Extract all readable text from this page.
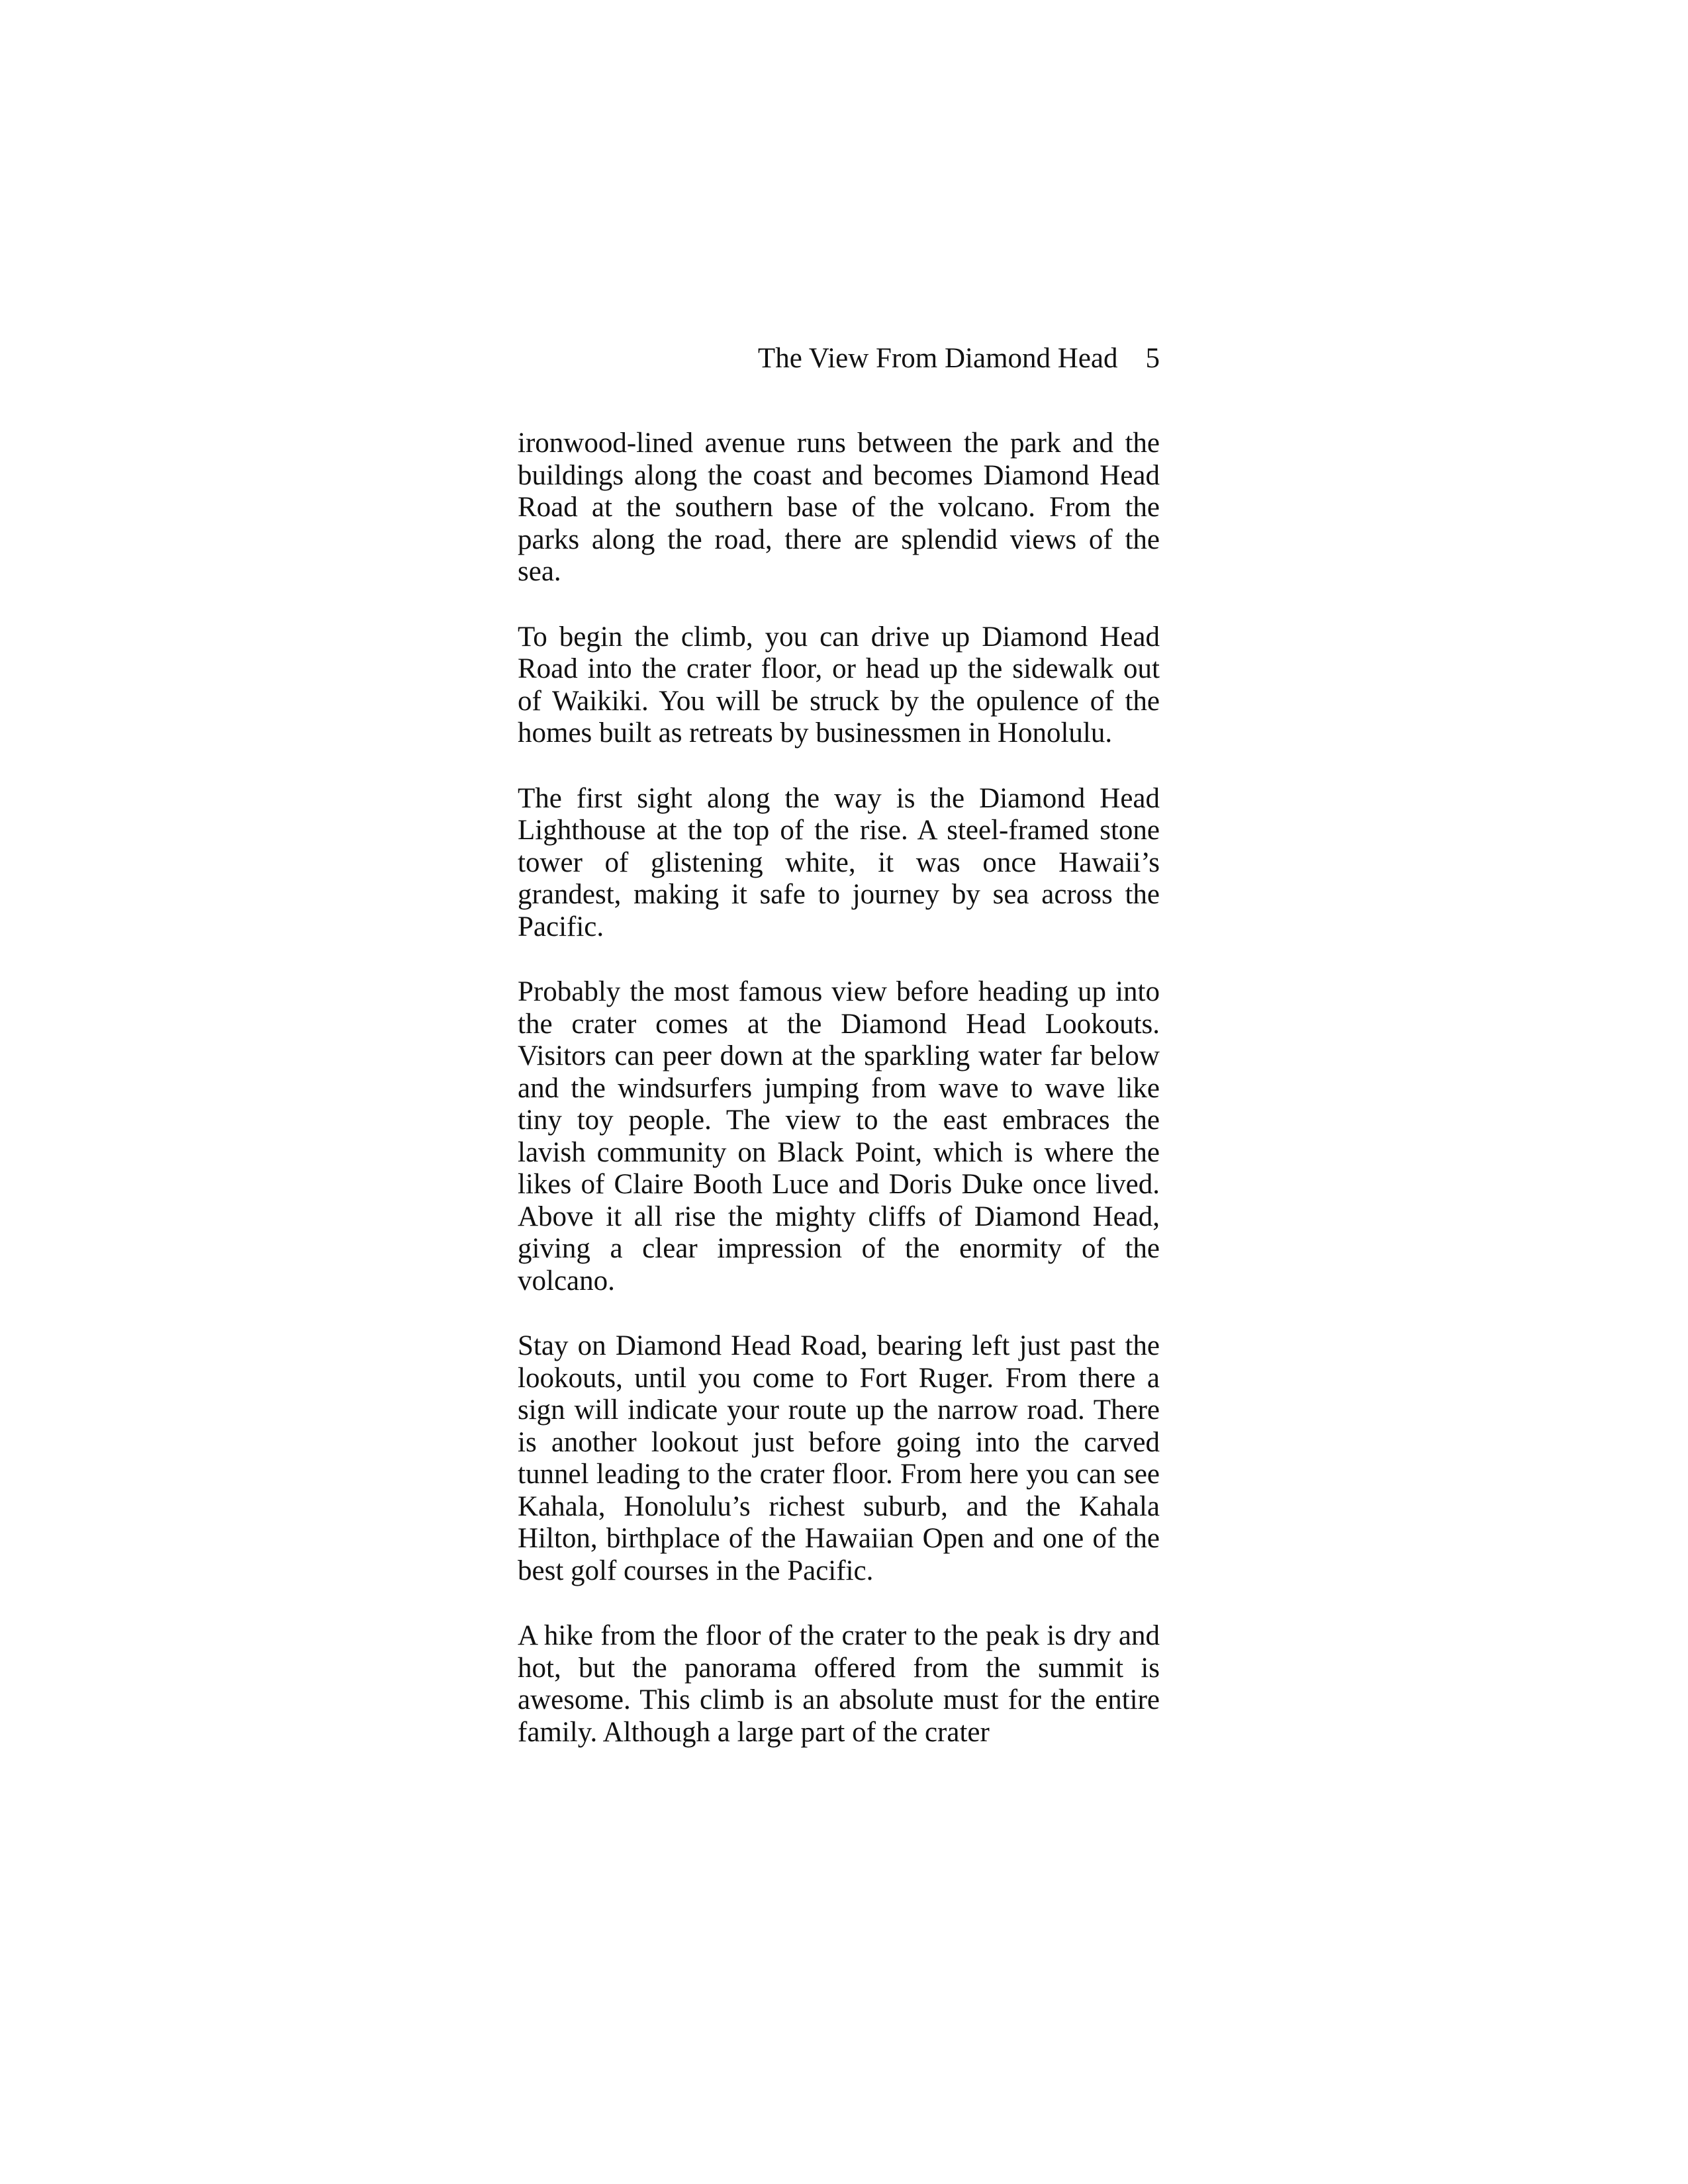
The View From Diamond Head 5

ironwood-lined avenue runs between the park and the buildings along the coast and becomes Diamond Head Road at the southern base of the volcano. From the parks along the road, there are splendid views of the sea.

To begin the climb, you can drive up Diamond Head Road into the crater floor, or head up the sidewalk out of Waikiki. You will be struck by the opulence of the homes built as retreats by businessmen in Honolulu.

The first sight along the way is the Diamond Head Lighthouse at the top of the rise. A steel-framed stone tower of glistening white, it was once Hawaii’s grandest, making it safe to journey by sea across the Pacific.

Probably the most famous view before heading up into the crater comes at the Diamond Head Lookouts. Visitors can peer down at the sparkling water far below and the windsurfers jumping from wave to wave like tiny toy people. The view to the east embraces the lavish community on Black Point, which is where the likes of Claire Booth Luce and Doris Duke once lived. Above it all rise the mighty cliffs of Diamond Head, giving a clear impression of the enormity of the volcano.

Stay on Diamond Head Road, bearing left just past the lookouts, until you come to Fort Ruger. From there a sign will indicate your route up the narrow road. There is another lookout just before going into the carved tunnel leading to the crater floor. From here you can see Kahala, Honolulu’s richest suburb, and the Kahala Hilton, birthplace of the Hawaiian Open and one of the best golf courses in the Pacific.

A hike from the floor of the crater to the peak is dry and hot, but the panorama offered from the summit is awesome. This climb is an absolute must for the entire family. Although a large part of the crater
